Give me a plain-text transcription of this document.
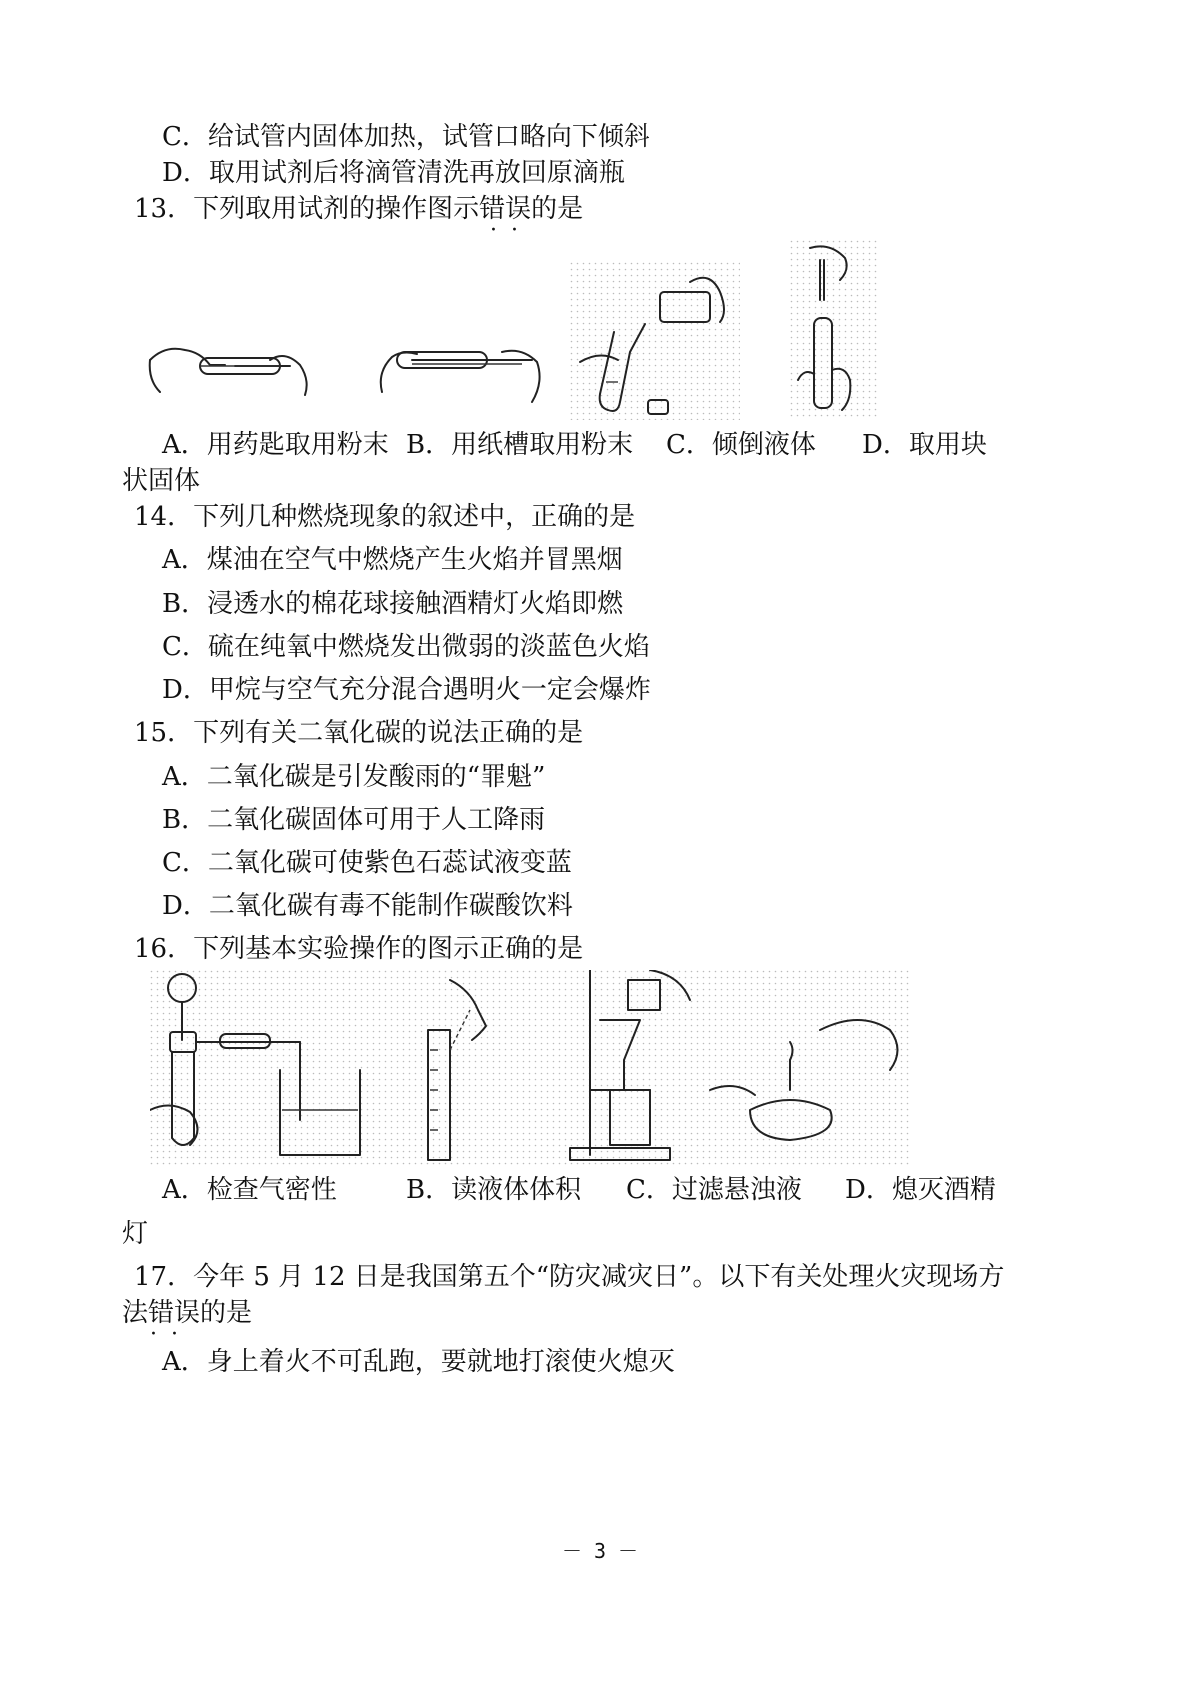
C．给试管内固体加热，试管口略向下倾斜
D．取用试剂后将滴管清洗再放回原滴瓶
13．下列取用试剂的操作图示错误的是
··
A．用药匙取用粉末 B．用纸槽取用粉末 C．倾倒液体 D．取用块
状固体
14．下列几种燃烧现象的叙述中，正确的是
A．煤油在空气中燃烧产生火焰并冒黑烟
B．浸透水的棉花球接触酒精灯火焰即燃
C．硫在纯氧中燃烧发出微弱的淡蓝色火焰
D．甲烷与空气充分混合遇明火一定会爆炸
15．下列有关二氧化碳的说法正确的是
A．二氧化碳是引发酸雨的“罪魁”
B．二氧化碳固体可用于人工降雨
C．二氧化碳可使紫色石蕊试液变蓝
D．二氧化碳有毒不能制作碳酸饮料
16．下列基本实验操作的图示正确的是
A．检查气密性	B．读液体体积 C．过滤悬浊液 D．熄灭酒精
灯
17．今年 5 月 12 日是我国第五个“防灾减灾日”。以下有关处理火灾现场方
法错误的是
··
A．身上着火不可乱跑，要就地打滚使火熄灭
－ 3 －
